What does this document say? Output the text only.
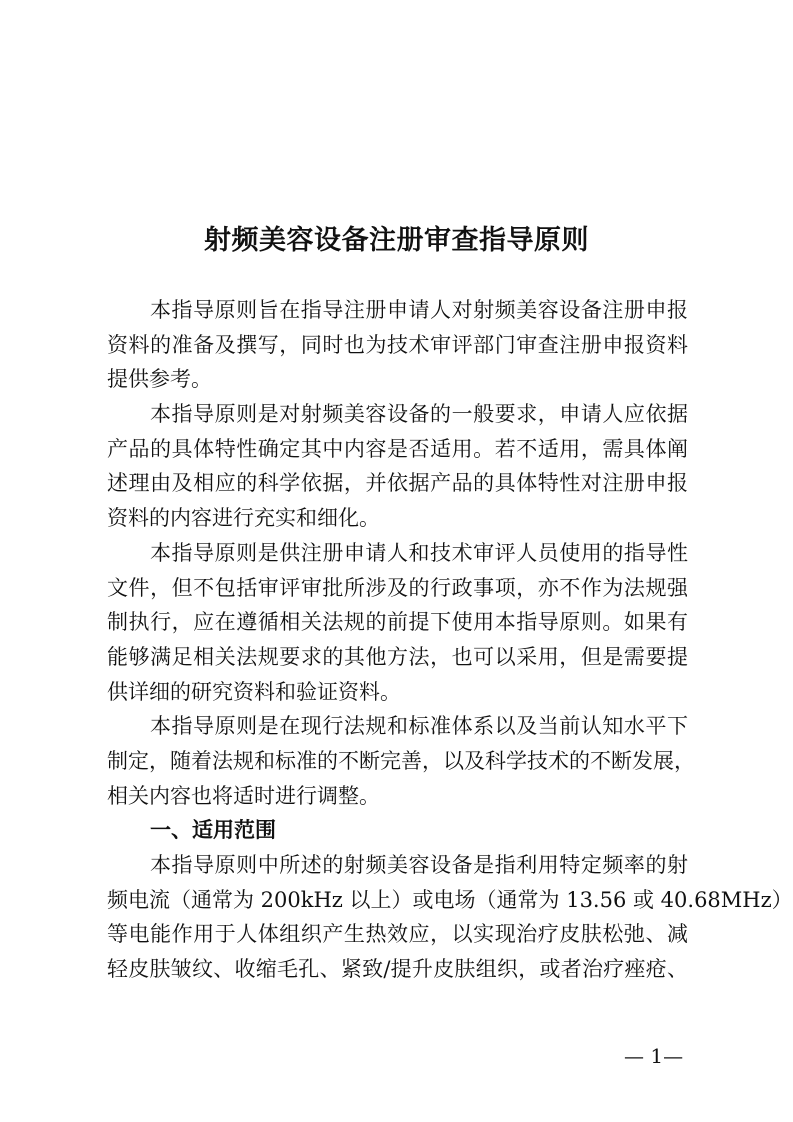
射频美容设备注册审查指导原则
本指导原则旨在指导注册申请人对射频美容设备注册申报
资料的准备及撰写，同时也为技术审评部门审查注册申报资料
提供参考。
本指导原则是对射频美容设备的一般要求，申请人应依据
产品的具体特性确定其中内容是否适用。若不适用，需具体阐
述理由及相应的科学依据，并依据产品的具体特性对注册申报
资料的内容进行充实和细化。
本指导原则是供注册申请人和技术审评人员使用的指导性
文件，但不包括审评审批所涉及的行政事项，亦不作为法规强
制执行，应在遵循相关法规的前提下使用本指导原则。如果有
能够满足相关法规要求的其他方法，也可以采用，但是需要提
供详细的研究资料和验证资料。
本指导原则是在现行法规和标准体系以及当前认知水平下
制定，随着法规和标准的不断完善，以及科学技术的不断发展，
相关内容也将适时进行调整。
一、适用范围
本指导原则中所述的射频美容设备是指利用特定频率的射
频电流（通常为 200kHz 以上）或电场（通常为 13.56 或 40.68MHz）
等电能作用于人体组织产生热效应，以实现治疗皮肤松弛、减
轻皮肤皱纹、收缩毛孔、紧致/提升皮肤组织，或者治疗痤疮、
— 1—
